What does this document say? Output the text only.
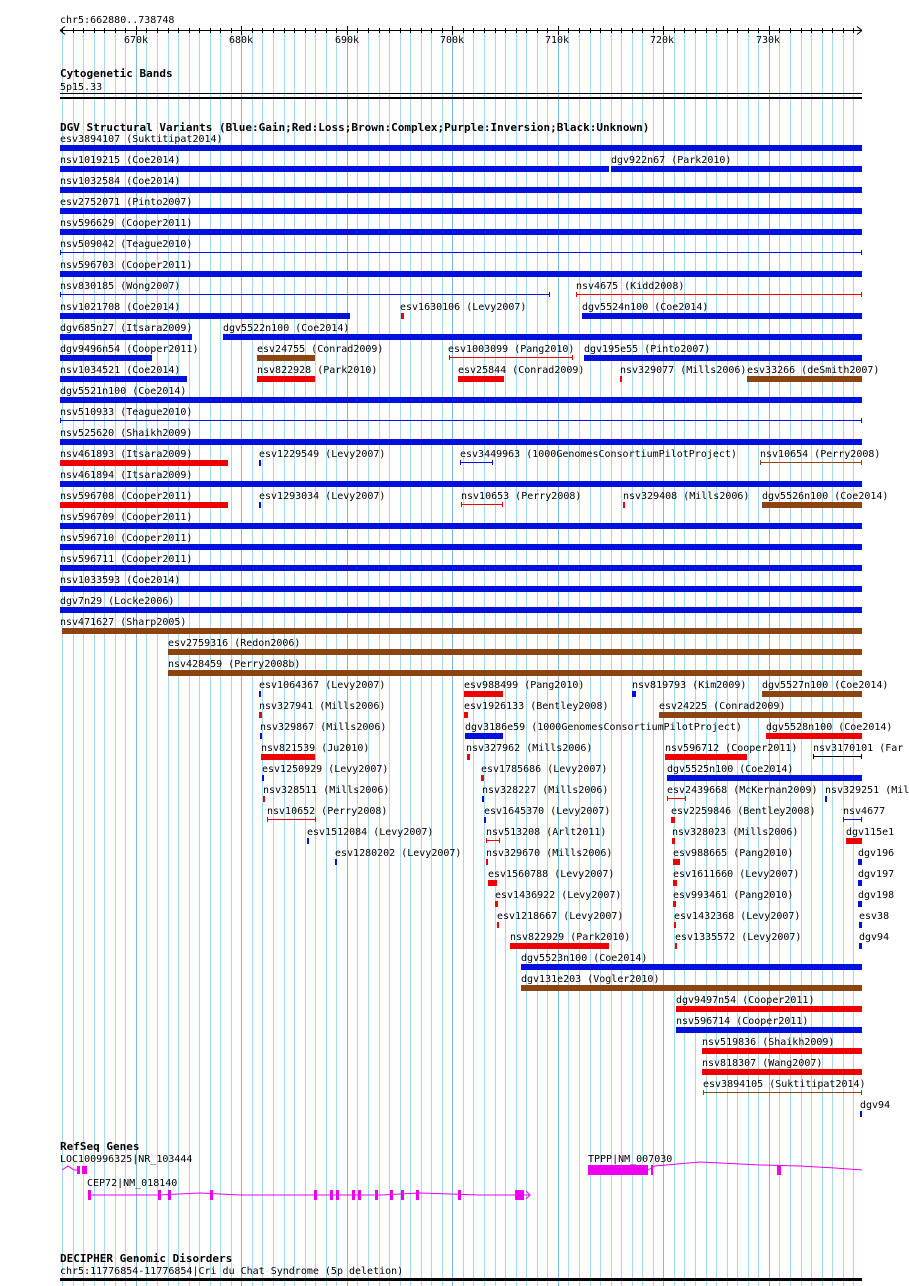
chr5:662880..738748
670k	680k	690k	700k	710k	720k	730k
Cytogenetic Bands
5p15.33
DGV Structural Variants (Blue:Gain;Red:Loss;Brown:Complex;Purple:Inversion;Black:Unknown)
esv3894107 (Suktitipat2014)
nsv1019215 (Coe2014)	dgv922n67 (Park2010)
nsv1032584 (Coe2014)
esv2752071 (Pinto2007)
nsv596629 (Cooper2011)
nsv509042 (Teague2010)
nsv596703 (Cooper2011)
nsv830185 (Wong2007)	nsv4675 (Kidd2008)
nsv1021708 (Coe2014)	esv1630106 (Levy2007)	dgv5524n100 (Coe2014)
dgv685n27 (Itsara2009)	dgv5522n100 (Coe2014)
dgv9496n54 (Cooper2011)	esv24755 (Conrad2009)	esv1003099 (Pang2010) dgv195e55 (Pinto2007)
nsv1034521 (Coe2014)	nsv822928 (Park2010)	esv25844 (Conrad2009)	nsv329077 (Mills2006) esv33266 (deSmith2007)
dgv5521n100 (Coe2014)
nsv510933 (Teague2010)
nsv525620 (Shaikh2009)
nsv461893 (Itsara2009)	esv1229549 (Levy2007)	esv3449963 (1000GenomesConsortiumPilotProject) nsv10654 (Perry2008)
nsv461894 (Itsara2009)
nsv596708 (Cooper2011)	esv1293034 (Levy2007)	nsv10653 (Perry2008)	nsv329408 (Mills2006) dgv5526n100 (Coe2014)
nsv596709 (Cooper2011)
nsv596710 (Cooper2011)
nsv596711 (Cooper2011)
nsv1033593 (Coe2014)
dgv7n29 (Locke2006)
nsv471627 (Sharp2005)
esv2759316 (Redon2006)
nsv428459 (Perry2008b)
esv1064367 (Levy2007)	esv988499 (Pang2010)	nsv819793 (Kim2009) dgv5527n100 (Coe2014)
nsv327941 (Mills2006)	esv1926133 (Bentley2008)	esv24225 (Conrad2009)
nsv329867 (Mills2006)	dgv3186e59 (1000GenomesConsortiumPilotProject) dgv5528n100 (Coe2014)
nsv821539 (Ju2010)	nsv327962 (Mills2006)	nsv596712 (Cooper2011) nsv3170101 (Far
esv1250929 (Levy2007)	esv1785686 (Levy2007)	dgv5525n100 (Coe2014)
nsv328511 (Mills2006)	nsv328227 (Mills2006)	esv2439668 (McKernan2009) nsv329251 (Mil
nsv10652 (Perry2008)	esv1645370 (Levy2007)	esv2259846 (Bentley2008)	nsv4677
esv1512084 (Levy2007)	nsv513208 (Arlt2011)	nsv328023 (Mills2006)	dgv115e1
esv1280202 (Levy2007) nsv329670 (Mills2006)	esv988665 (Pang2010)	dgv196
esv1560788 (Levy2007)	esv1611660 (Levy2007)	dgv197
esv1436922 (Levy2007)	esv993461 (Pang2010)	dgv198
esv1218667 (Levy2007)	esv1432368 (Levy2007)	esv38
nsv822929 (Park2010)	esv1335572 (Levy2007)	dgv94
dgv5523n100 (Coe2014)
dgv131e203 (Vogler2010)
dgv9497n54 (Cooper2011)
nsv596714 (Cooper2011)
nsv519836 (Shaikh2009)
nsv818307 (Wang2007)
esv3894105 (Suktitipat2014)
dgv94
RefSeq Genes
LOC100996325|NR_103444	TPPP|NM_007030
CEP72|NM_018140
DECIPHER Genomic Disorders
chr5:11776854-11776854|Cri du Chat Syndrome (5p deletion)
